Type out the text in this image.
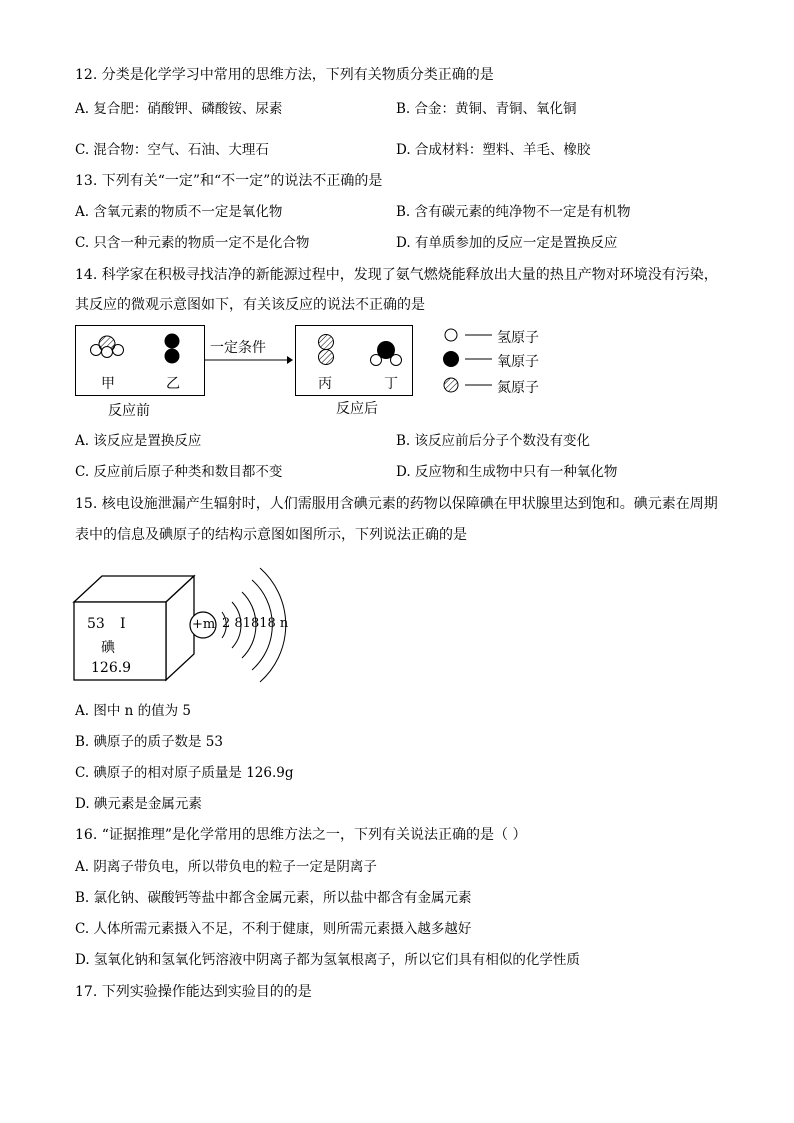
12. 分类是化学学习中常用的思维方法，下列有关物质分类正确的是
A. 复合肥：硝酸钾、磷酸铵、尿素	B. 合金：黄铜、青铜、氧化铜
C. 混合物：空气、石油、大理石	D. 合成材料：塑料、羊毛、橡胶
13. 下列有关“一定”和“不一定”的说法不正确的是
A. 含氧元素的物质不一定是氧化物	B. 含有碳元素的纯净物不一定是有机物
C. 只含一种元素的物质一定不是化合物	D. 有单质参加的反应一定是置换反应
14. 科学家在积极寻找洁净的新能源过程中，发现了氨气燃烧能释放出大量的热且产物对环境没有污染，
其反应的微观示意图如下，有关该反应的说法不正确的是
甲	乙
一定条件
丙	丁
反应前	反应后
氢原子
氧原子
氮原子
A. 该反应是置换反应	B. 该反应前后分子个数没有变化
C. 反应前后原子种类和数目都不变	D. 反应物和生成物中只有一种氧化物
15. 核电设施泄漏产生辐射时，人们需服用含碘元素的药物以保障碘在甲状腺里达到饱和。碘元素在周期
表中的信息及碘原子的结构示意图如图所示，下列说法正确的是
53 I
碘
126.9
+m 2 81818 n
A. 图中 n 的值为 5
B. 碘原子的质子数是 53
C. 碘原子的相对原子质量是 126.9g
D. 碘元素是金属元素
16. “证据推理”是化学常用的思维方法之一，下列有关说法正确的是（ ）
A. 阴离子带负电，所以带负电的粒子一定是阴离子
B. 氯化钠、碳酸钙等盐中都含金属元素，所以盐中都含有金属元素
C. 人体所需元素摄入不足，不利于健康，则所需元素摄入越多越好
D. 氢氧化钠和氢氧化钙溶液中阴离子都为氢氧根离子，所以它们具有相似的化学性质
17. 下列实验操作能达到实验目的的是
